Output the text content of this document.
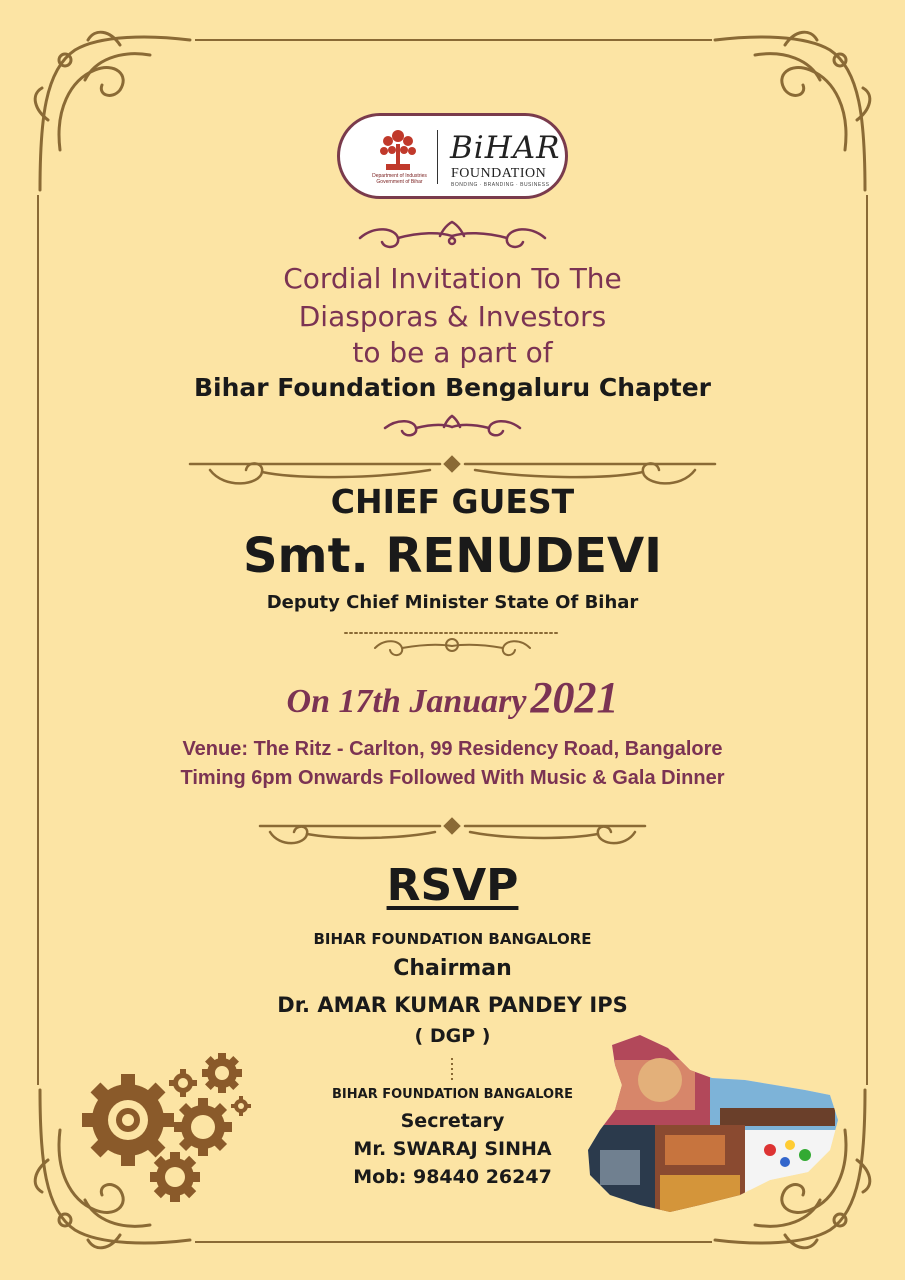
Department of Industries Government of Bihar
BiHAR
FOUNDATION
BONDING · BRANDING · BUSINESS
Cordial Invitation To The
Diasporas & Investors
to be a part of
Bihar Foundation Bengaluru Chapter
CHIEF GUEST
Smt. RENUDEVI
Deputy Chief Minister State Of Bihar
On 17th January 2021
Venue: The Ritz - Carlton, 99 Residency Road, Bangalore
Timing 6pm Onwards Followed With Music & Gala Dinner
RSVP
BIHAR FOUNDATION BANGALORE
Chairman
Dr. AMAR KUMAR PANDEY IPS
( DGP )
BIHAR FOUNDATION BANGALORE
Secretary
Mr. SWARAJ SINHA
Mob: 98440 26247
